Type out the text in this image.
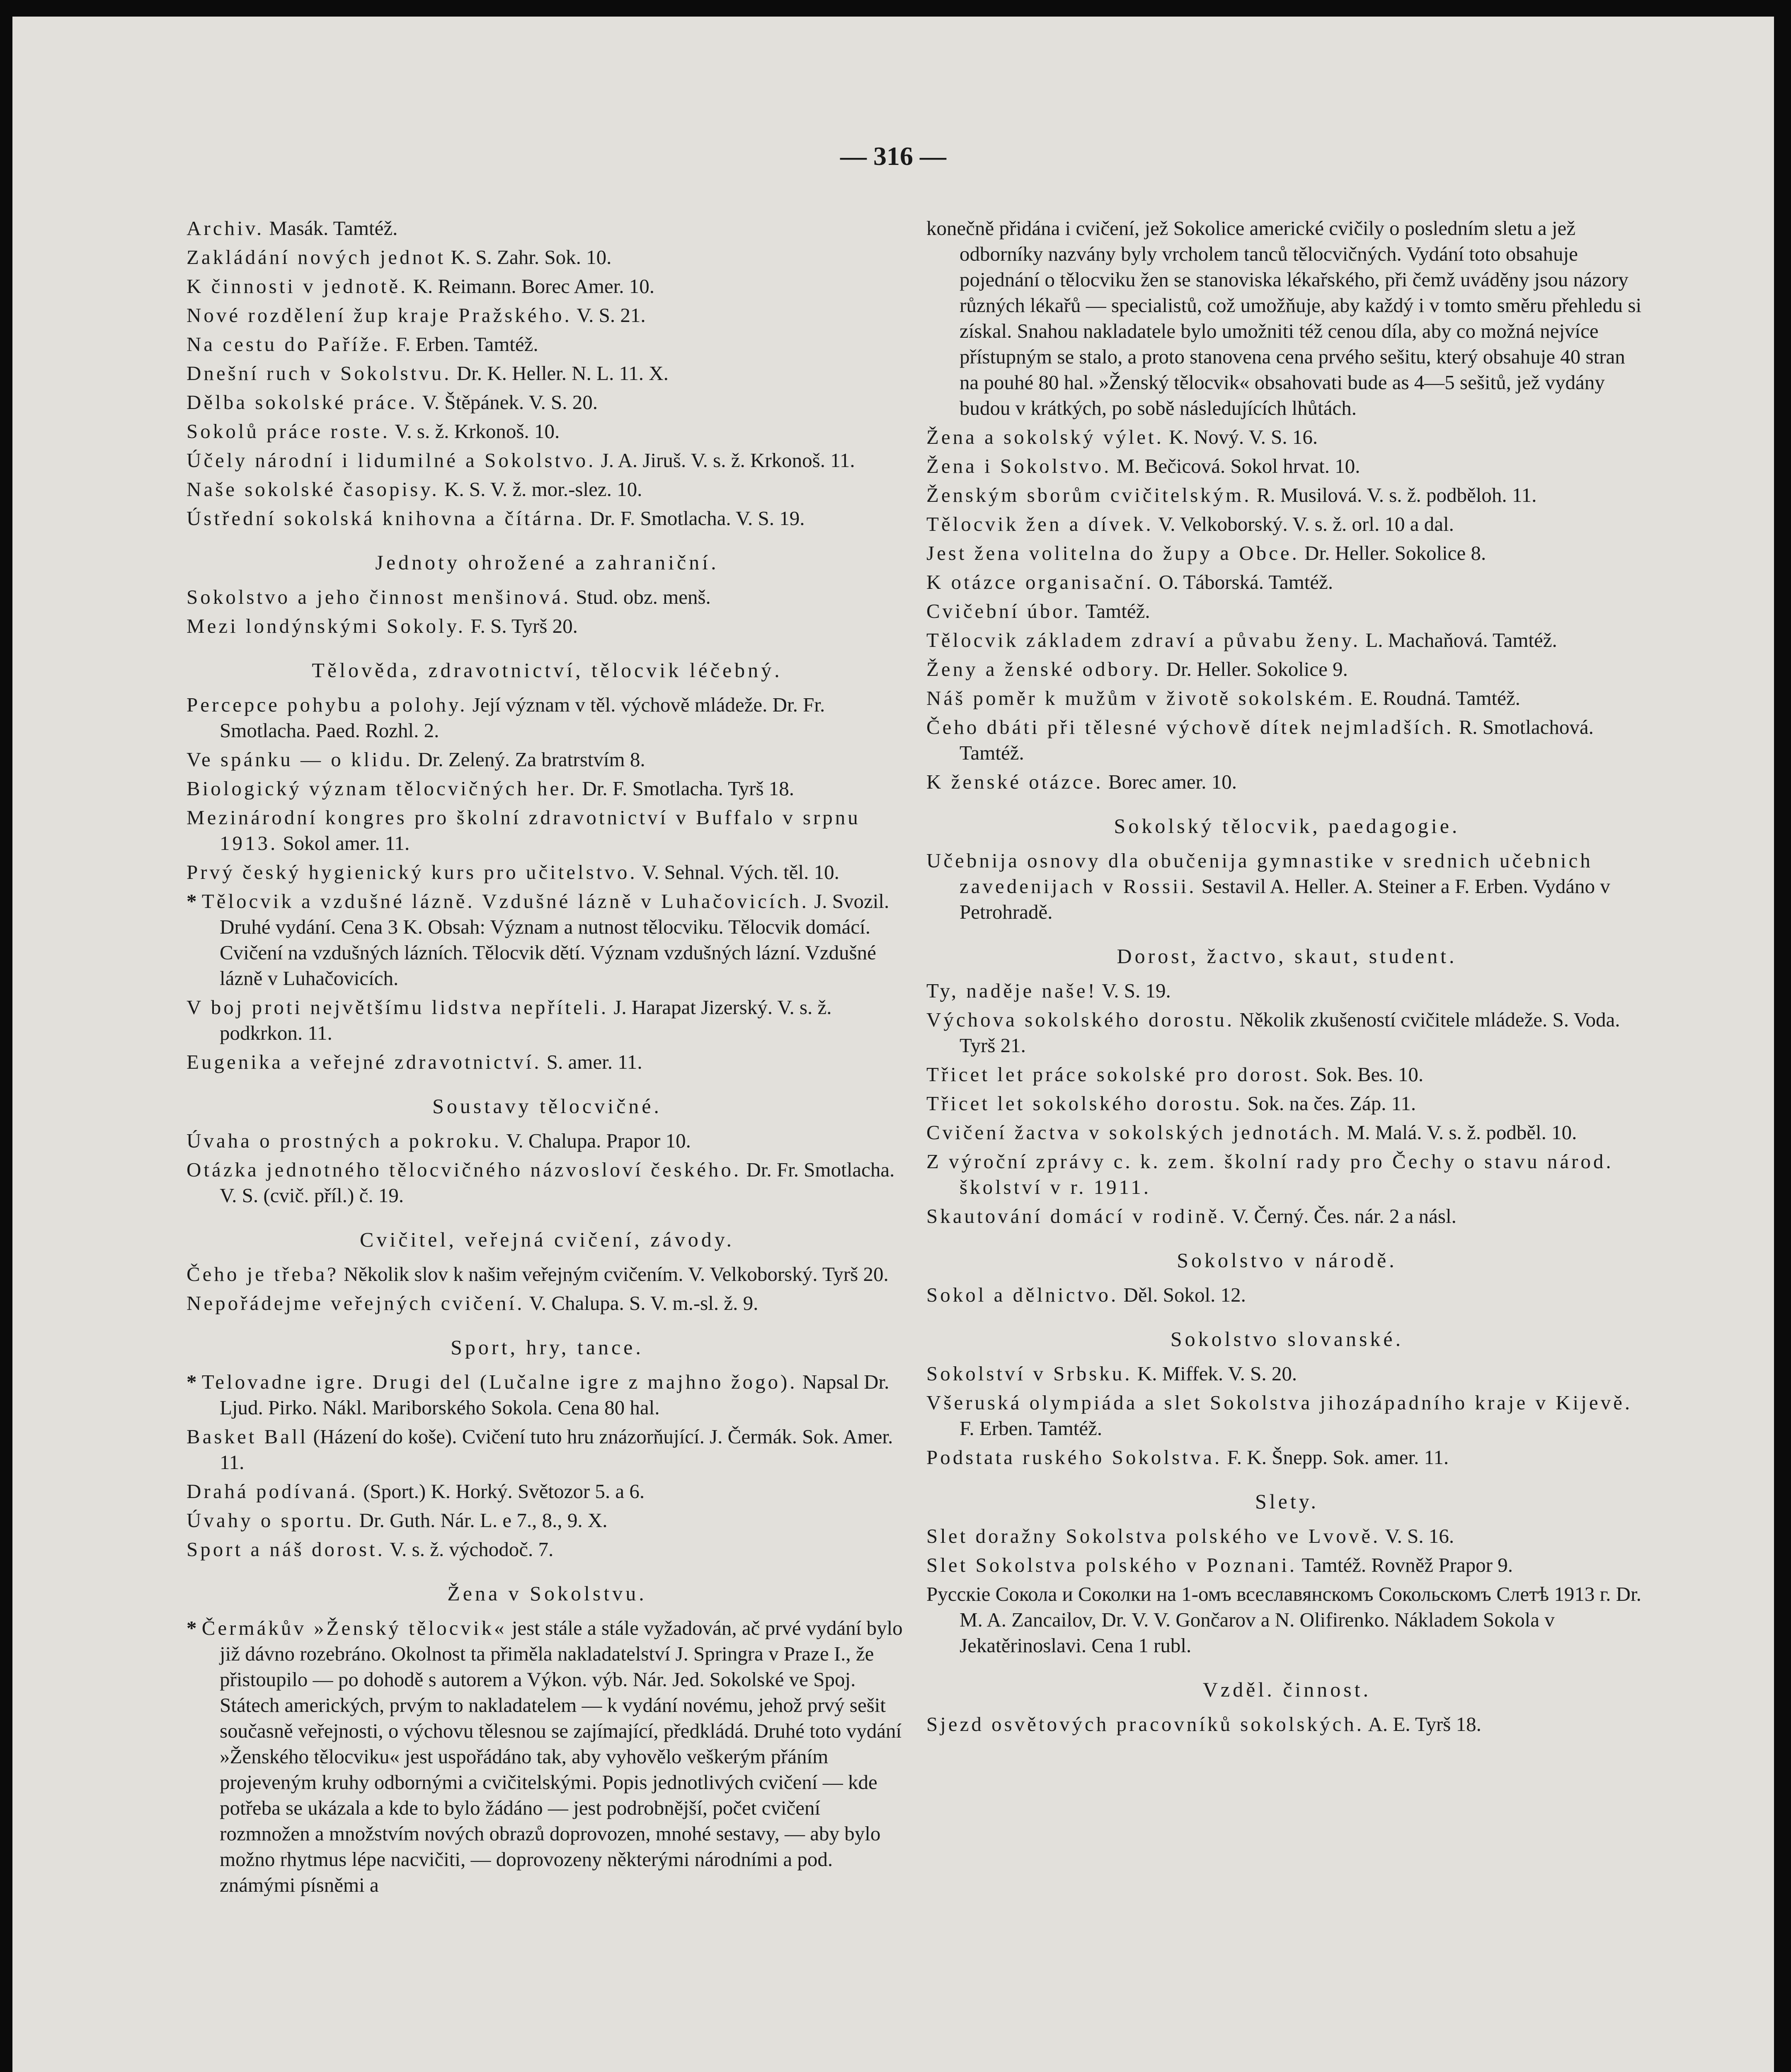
— 316 —
Archiv. Masák. Tamtéž.
Zakládání nových jednot K. S. Zahr. Sok. 10.
K činnosti v jednotě. K. Reimann. Borec Amer. 10.
Nové rozdělení žup kraje Pražského. V. S. 21.
Na cestu do Paříže. F. Erben. Tamtéž.
Dnešní ruch v Sokolstvu. Dr. K. Heller. N. L. 11. X.
Dělba sokolské práce. V. Štěpánek. V. S. 20.
Sokolů práce roste. V. s. ž. Krkonoš. 10.
Účely národní i lidumilné a Sokolstvo. J. A. Jiruš. V. s. ž. Krkonoš. 11.
Naše sokolské časopisy. K. S. V. ž. mor.-slez. 10.
Ústřední sokolská knihovna a čítárna. Dr. F. Smotlacha. V. S. 19.
Jednoty ohrožené a zahraniční.
Sokolstvo a jeho činnost menšinová. Stud. obz. menš.
Mezi londýnskými Sokoly. F. S. Tyrš 20.
Tělověda, zdravotnictví, tělocvik léčebný.
Percepce pohybu a polohy. Její význam v těl. výchově mládeže. Dr. Fr. Smotlacha. Paed. Rozhl. 2.
Ve spánku — o klidu. Dr. Zelený. Za bratrstvím 8.
Biologický význam tělocvičných her. Dr. F. Smotlacha. Tyrš 18.
Mezinárodní kongres pro školní zdravotnictví v Buffalo v srpnu 1913. Sokol amer. 11.
Prvý český hygienický kurs pro učitelstvo. V. Sehnal. Vých. těl. 10.
* Tělocvik a vzdušné lázně. Vzdušné lázně v Luhačovicích. J. Svozil. Druhé vydání. Cena 3 K. Obsah: Význam a nutnost tělocviku. Tělocvik domácí. Cvičení na vzdušných lázních. Tělocvik dětí. Význam vzdušných lázní. Vzdušné lázně v Luhačovicích.
V boj proti největšímu lidstva nepříteli. J. Harapat Jizerský. V. s. ž. podkrkon. 11.
Eugenika a veřejné zdravotnictví. S. amer. 11.
Soustavy tělocvičné.
Úvaha o prostných a pokroku. V. Chalupa. Prapor 10.
Otázka jednotného tělocvičného názvosloví českého. Dr. Fr. Smotlacha. V. S. (cvič. příl.) č. 19.
Cvičitel, veřejná cvičení, závody.
Čeho je třeba? Několik slov k našim veřejným cvičením. V. Velkoborský. Tyrš 20.
Nepořádejme veřejných cvičení. V. Chalupa. S. V. m.-sl. ž. 9.
Sport, hry, tance.
* Telovadne igre. Drugi del (Lučalne igre z majhno žogo). Napsal Dr. Ljud. Pirko. Nákl. Mariborského Sokola. Cena 80 hal.
Basket Ball (Házení do koše). Cvičení tuto hru znázorňující. J. Čermák. Sok. Amer. 11.
Drahá podívaná. (Sport.) K. Horký. Světozor 5. a 6.
Úvahy o sportu. Dr. Guth. Nár. L. e 7., 8., 9. X.
Sport a náš dorost. V. s. ž. východoč. 7.
Žena v Sokolstvu.
* Čermákův »Ženský tělocvik« jest stále a stále vyžadován, ač prvé vydání bylo již dávno rozebráno. Okolnost ta přiměla nakladatelství J. Springra v Praze I., že přistoupilo — po dohodě s autorem a Výkon. výb. Nár. Jed. Sokolské ve Spoj. Státech amerických, prvým to nakladatelem — k vydání novému, jehož prvý sešit současně veřejnosti, o výchovu tělesnou se zajímající, předkládá. Druhé toto vydání »Ženského tělocviku« jest uspořádáno tak, aby vyhovělo veškerým přáním projeveným kruhy odbornými a cvičitelskými. Popis jednotlivých cvičení — kde potřeba se ukázala a kde to bylo žádáno — jest podrobnější, počet cvičení rozmnožen a množstvím nových obrazů doprovozen, mnohé sestavy, — aby bylo možno rhytmus lépe nacvičiti, — doprovozeny některými národními a pod. známými písněmi a
konečně přidána i cvičení, jež Sokolice americké cvičily o posledním sletu a jež odborníky nazvány byly vrcholem tanců tělocvičných. Vydání toto obsahuje pojednání o tělocviku žen se stanoviska lékařského, při čemž uváděny jsou názory různých lékařů — specialistů, což umožňuje, aby každý i v tomto směru přehledu si získal. Snahou nakladatele bylo umožniti též cenou díla, aby co možná nejvíce přístupným se stalo, a proto stanovena cena prvého sešitu, který obsahuje 40 stran na pouhé 80 hal. »Ženský tělocvik« obsahovati bude as 4—5 sešitů, jež vydány budou v krátkých, po sobě následujících lhůtách.
Žena a sokolský výlet. K. Nový. V. S. 16.
Žena i Sokolstvo. M. Bečicová. Sokol hrvat. 10.
Ženským sborům cvičitelským. R. Musilová. V. s. ž. podběloh. 11.
Tělocvik žen a dívek. V. Velkoborský. V. s. ž. orl. 10 a dal.
Jest žena volitelna do župy a Obce. Dr. Heller. Sokolice 8.
K otázce organisační. O. Táborská. Tamtéž.
Cvičební úbor. Tamtéž.
Tělocvik základem zdraví a půvabu ženy. L. Machaňová. Tamtéž.
Ženy a ženské odbory. Dr. Heller. Sokolice 9.
Náš poměr k mužům v životě sokolském. E. Roudná. Tamtéž.
Čeho dbáti při tělesné výchově dítek nejmladších. R. Smotlachová. Tamtéž.
K ženské otázce. Borec amer. 10.
Sokolský tělocvik, paedagogie.
Učebnija osnovy dla obučenija gymnastike v srednich učebnich zavedenijach v Rossii. Sestavil A. Heller. A. Steiner a F. Erben. Vydáno v Petrohradě.
Dorost, žactvo, skaut, student.
Ty, naděje naše! V. S. 19.
Výchova sokolského dorostu. Několik zkušeností cvičitele mládeže. S. Voda. Tyrš 21.
Třicet let práce sokolské pro dorost. Sok. Bes. 10.
Třicet let sokolského dorostu. Sok. na čes. Záp. 11.
Cvičení žactva v sokolských jednotách. M. Malá. V. s. ž. podběl. 10.
Z výroční zprávy c. k. zem. školní rady pro Čechy o stavu národ. školství v r. 1911.
Skautování domácí v rodině. V. Černý. Čes. nár. 2 a násl.
Sokolstvo v národě.
Sokol a dělnictvo. Děl. Sokol. 12.
Sokolstvo slovanské.
Sokolství v Srbsku. K. Miffek. V. S. 20.
Všeruská olympiáda a slet Sokolstva jihozápadního kraje v Kijevě. F. Erben. Tamtéž.
Podstata ruského Sokolstva. F. K. Šnepp. Sok. amer. 11.
Slety.
Slet doražny Sokolstva polského ve Lvově. V. S. 16.
Slet Sokolstva polského v Poznani. Tamtéž. Rovněž Prapor 9.
Русскіе Сокола и Соколки на 1-омъ всеславянскомъ Сокольскомъ Слетѣ 1913 г. Dr. M. A. Zancailov, Dr. V. V. Gončarov a N. Olifirenko. Nákladem Sokola v Jekatěrinoslavi. Cena 1 rubl.
Vzděl. činnost.
Sjezd osvětových pracovníků sokolských. A. E. Tyrš 18.
